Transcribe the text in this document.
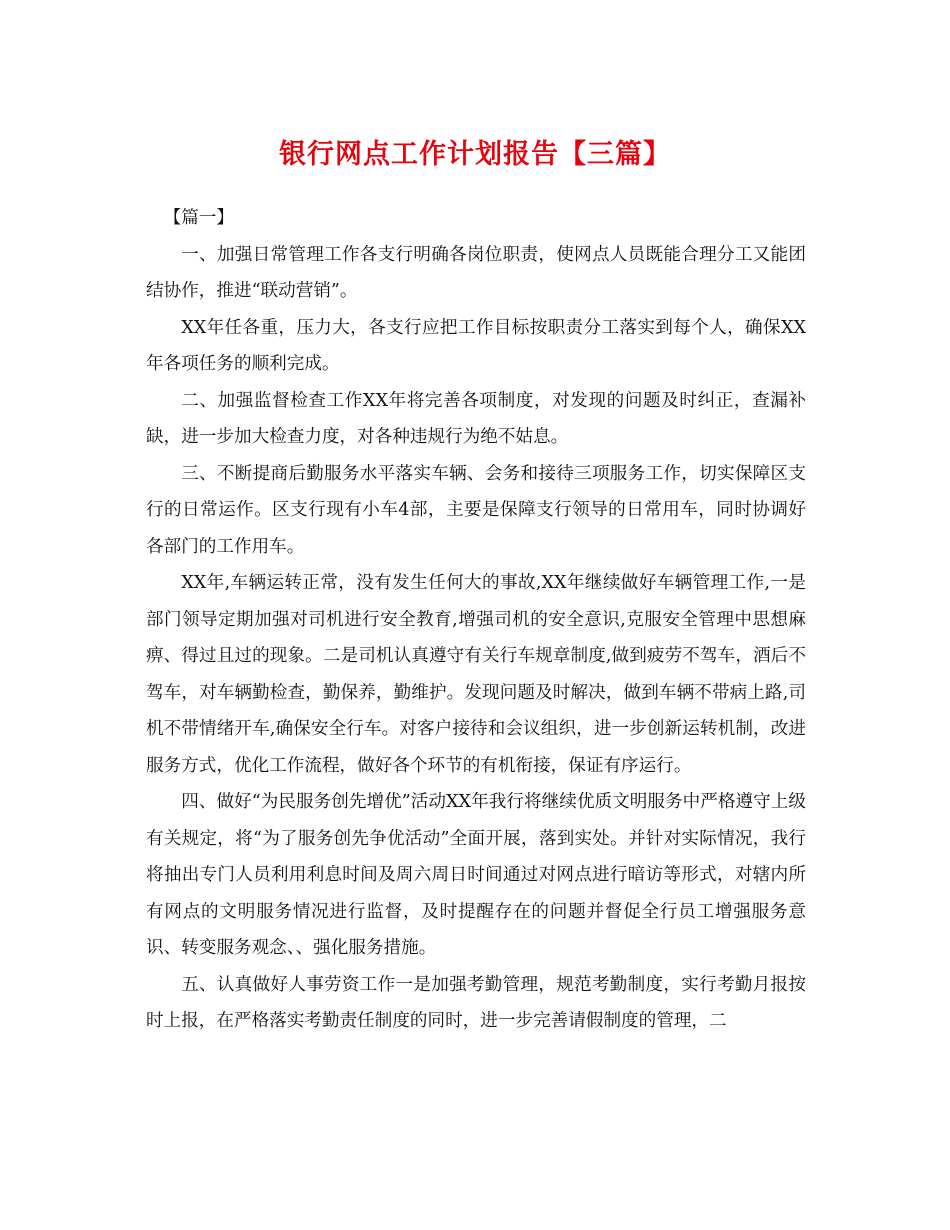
银行网点工作计划报告【三篇】

【篇一】

一、加强日常管理工作各支行明确各岗位职责，使网点人员既能合理分工又能团结协作，推进“联动营销”。

XX年任各重，压力大，各支行应把工作目标按职责分工落实到每个人，确保XX年各项任务的顺利完成。

二、加强监督检查工作XX年将完善各项制度，对发现的问题及时纠正，查漏补缺，进一步加大检查力度，对各种违规行为绝不姑息。

三、不断提商后勤服务水平落实车辆、会务和接待三项服务工作，切实保障区支行的日常运作。区支行现有小车4部，主要是保障支行领导的日常用车，同时协调好各部门的工作用车。

XX年,车辆运转正常，没有发生任何大的事故,XX年继续做好车辆管理工作,一是部门领导定期加强对司机进行安全教育,增强司机的安全意识,克服安全管理中思想麻痹、得过且过的现象。二是司机认真遵守有关行车规章制度,做到疲劳不驾车，酒后不驾车，对车辆勤检查，勤保养，勤维护。发现问题及时解决，做到车辆不带病上路,司机不带情绪开车,确保安全行车。对客户接待和会议组织，进一步创新运转机制，改进服务方式，优化工作流程，做好各个环节的有机衔接，保证有序运行。

四、做好“为民服务创先增优”活动XX年我行将继续优质文明服务中严格遵守上级有关规定，将“为了服务创先争优活动”全面开展，落到实处。并针对实际情况，我行将抽出专门人员利用利息时间及周六周日时间通过对网点进行暗访等形式，对辖内所有网点的文明服务情况进行监督，及时提醒存在的问题并督促全行员工增强服务意识、转变服务观念、、强化服务措施。

五、认真做好人事劳资工作一是加强考勤管理，规范考勤制度，实行考勤月报按时上报，在严格落实考勤责任制度的同时，进一步完善请假制度的管理，二
